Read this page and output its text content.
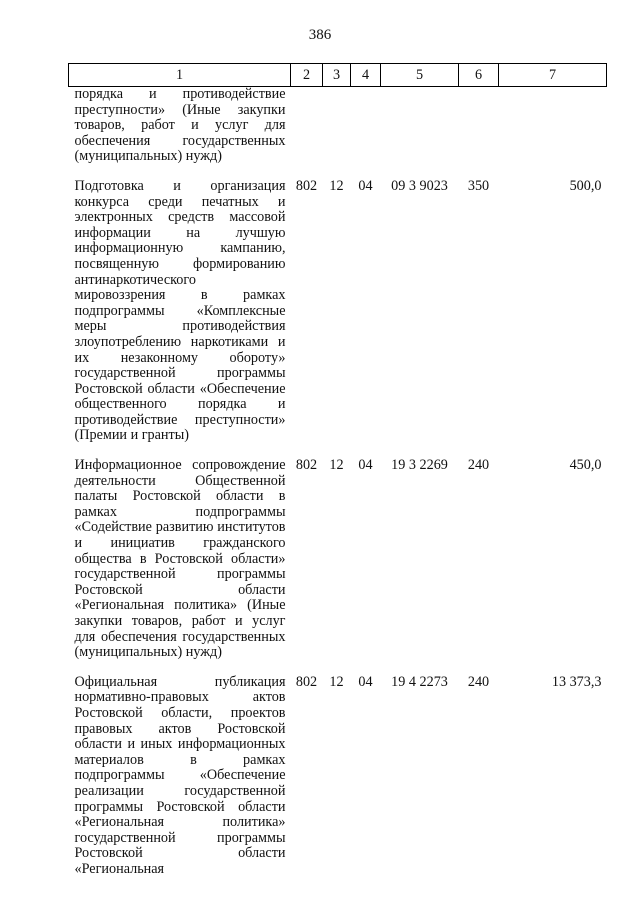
386
1	2	3	4	5	6	7
порядка и противодействие преступности» (Иные закупки товаров, работ и услуг для обеспечения государственных (муниципальных) нужд)						
Подготовка и организация конкурса среди печатных и электронных средств массовой информации на лучшую информационную кампанию, посвященную формированию антинаркотического мировоззрения в рамках подпрограммы «Комплексные меры противодействия злоупотреблению наркотиками и их незаконному обороту» государственной программы Ростовской области «Обеспечение общественного порядка и противодействие преступности» (Премии и гранты)	802	12	04	09 3 9023	350	500,0
Информационное сопровождение деятельности Общественной палаты Ростовской области в рамках подпрограммы «Содействие развитию институтов и инициатив гражданского общества в Ростовской области» государственной программы Ростовской области «Региональная политика» (Иные закупки товаров, работ и услуг для обеспечения государственных (муниципальных) нужд)	802	12	04	19 3 2269	240	450,0
Официальная публикация нормативно-правовых актов Ростовской области, проектов правовых актов Ростовской области и иных информационных материалов в рамках подпрограммы «Обеспечение реализации государственной программы Ростовской области «Региональная политика» государственной программы Ростовской области «Региональная	802	12	04	19 4 2273	240	13 373,3
